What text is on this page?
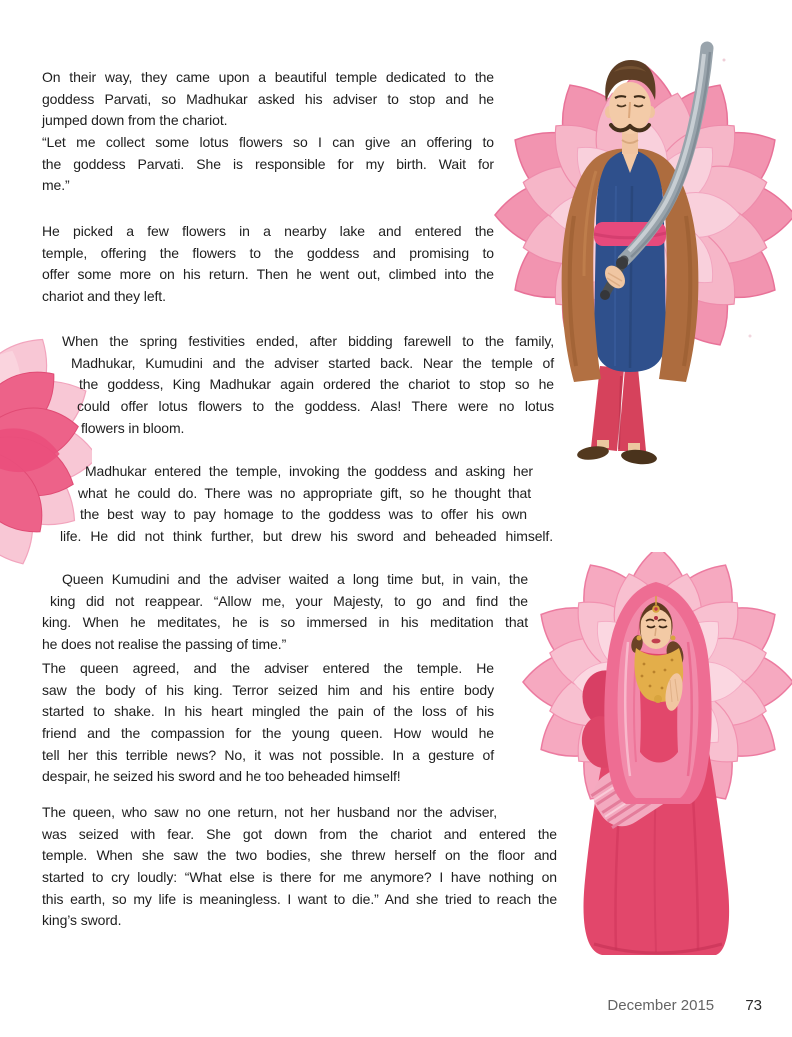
On their way, they came upon a beautiful temple dedicated to the
goddess Parvati, so Madhukar asked his adviser to stop and he
jumped down from the chariot.
“Let me collect some lotus flowers so I can give an offering to
the goddess Parvati. She is responsible for my birth. Wait for
me.”
He picked a few flowers in a nearby lake and entered the
temple, offering the flowers to the goddess and promising to
offer some more on his return. Then he went out, climbed into the
chariot and they left.
When the spring festivities ended, after bidding farewell to the family,
Madhukar, Kumudini and the adviser started back. Near the temple of
the goddess, King Madhukar again ordered the chariot to stop so he
could offer lotus flowers to the goddess. Alas! There were no lotus
flowers in bloom.
Madhukar entered the temple, invoking the goddess and asking her
what he could do. There was no appropriate gift, so he thought that
the best way to pay homage to the goddess was to offer his own
life. He did not think further, but drew his sword and beheaded himself.
Queen Kumudini and the adviser waited a long time but, in vain, the
king did not reappear. “Allow me, your Majesty, to go and find the
king. When he meditates, he is so immersed in his meditation that
he does not realise the passing of time.”
The queen agreed, and the adviser entered the temple. He
saw the body of his king. Terror seized him and his entire body
started to shake. In his heart mingled the pain of the loss of his
friend and the compassion for the young queen. How would he
tell her this terrible news? No, it was not possible. In a gesture of
despair, he seized his sword and he too beheaded himself!
The queen, who saw no one return, not her husband nor the adviser,
was seized with fear. She got down from the chariot and entered the
temple. When she saw the two bodies, she threw herself on the floor and
started to cry loudly: “What else is there for me anymore? I have nothing on
this earth, so my life is meaningless. I want to die.” And she tried to reach the
king’s sword.
December 2015 73
